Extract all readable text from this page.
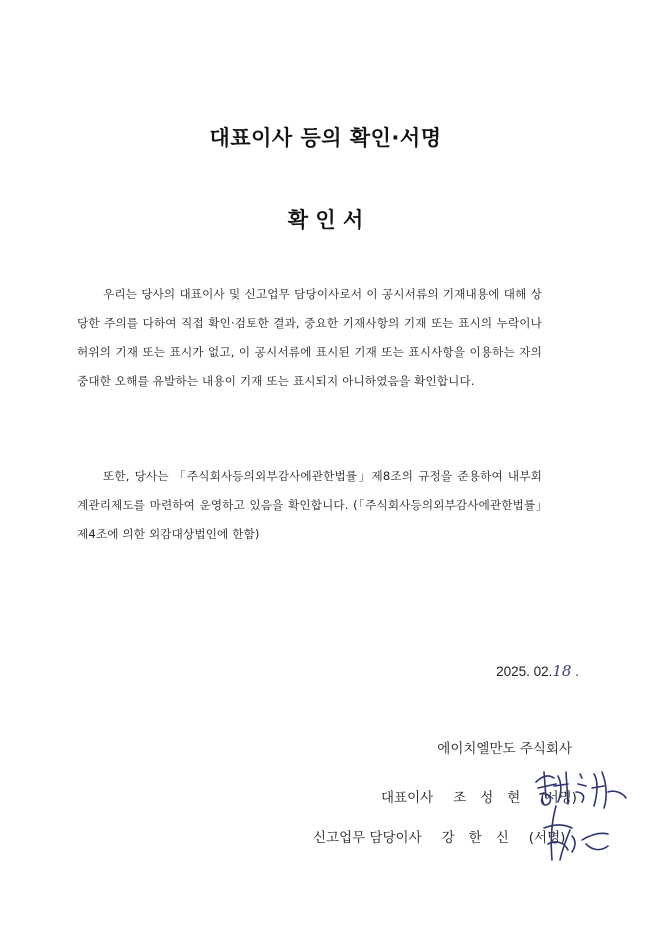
대표이사 등의 확인·서명
확 인 서
우리는 당사의 대표이사 및 신고업무 담당이사로서 이 공시서류의 기재내용에 대해 상당한 주의를 다하여 직접 확인·검토한 결과, 중요한 기재사항의 기재 또는 표시의 누락이나 허위의 기재 또는 표시가 없고, 이 공시서류에 표시된 기재 또는 표시사항을 이용하는 자의 중대한 오해를 유발하는 내용이 기재 또는 표시되지 아니하였음을 확인합니다.
또한, 당사는 「주식회사등의외부감사에관한법률」제8조의 규정을 준용하여 내부회계관리제도를 마련하여 운영하고 있음을 확인합니다. (「주식회사등의외부감사에관한법률」제4조에 의한 외감대상법인에 한함)
2025. 02.18 .
에이치엘만도 주식회사
대표이사 조 성 현 (서명)
신고업무 담당이사 강 한 신 (서명)
